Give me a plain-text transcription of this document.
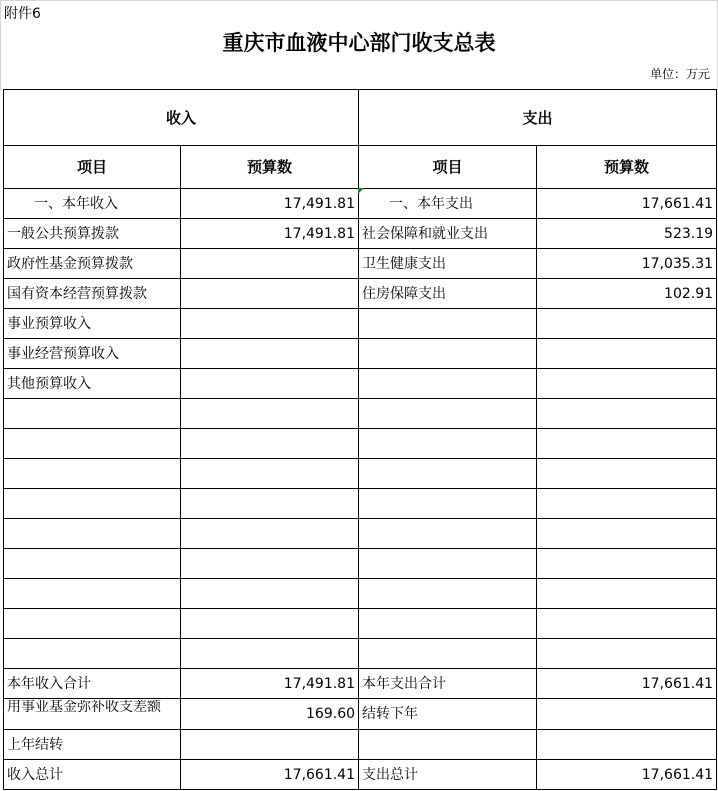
附件6
重庆市血液中心部门收支总表
单位：万元
收入		支出	
项目	预算数	项目	预算数
一、本年收入	17,491.81	一、本年支出	17,661.41
一般公共预算拨款	17,491.81	社会保障和就业支出	523.19
政府性基金预算拨款		卫生健康支出	17,035.31
国有资本经营预算拨款		住房保障支出	102.91
事业预算收入			
事业经营预算收入			
其他预算收入			

本年收入合计	17,491.81	本年支出合计	17,661.41

用事业基金弥补收支差额	169.60	结转下年	
上年结转			
收入总计	17,661.41	支出总计	17,661.41
